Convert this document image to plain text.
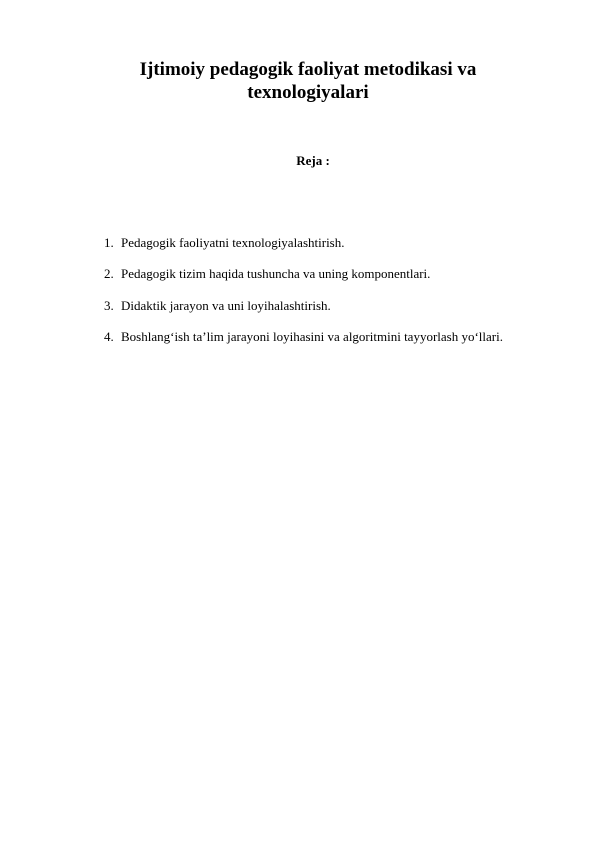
Ijtimoiy pedagogik faoliyat metodikasi va
texnologiyalari

Reja :

1. Pedagogik faoliyatni texnologiyalashtirish.
2. Pedagogik tizim haqida tushuncha va uning komponentlari.
3. Didaktik jarayon va uni loyihalashtirish.
4. Boshlang‘ish ta’lim jarayoni loyihasini va algoritmini tayyorlash yo‘llari.
